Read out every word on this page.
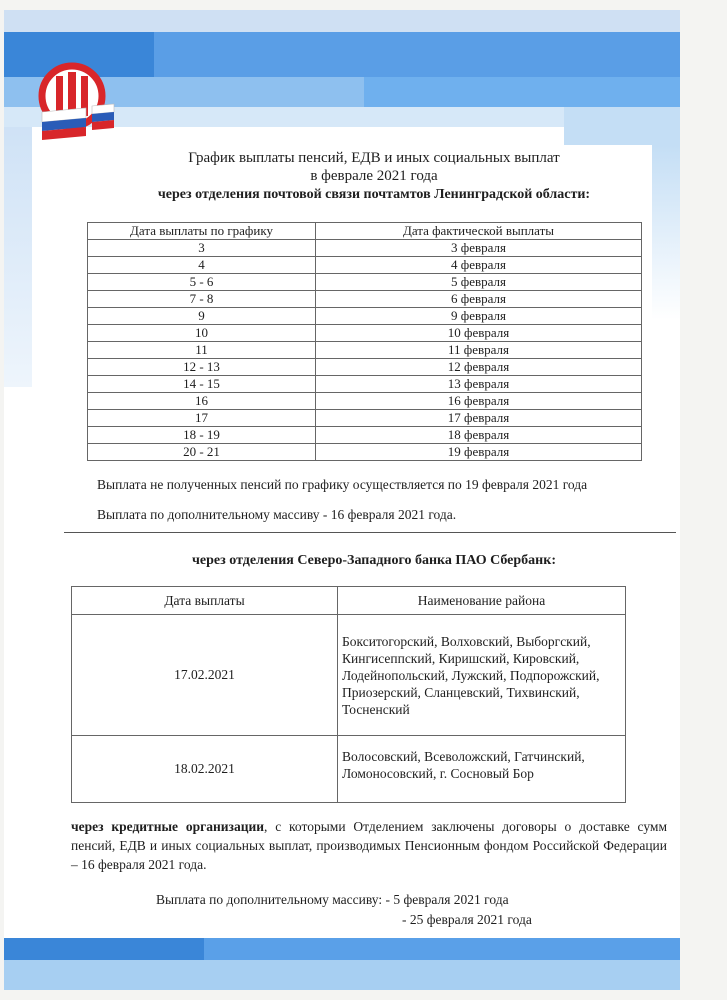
График выплаты пенсий, ЕДВ и иных социальных выплат
в феврале 2021 года
через отделения почтовой связи почтамтов Ленинградской области:
Дата выплаты по графику	Дата фактической выплаты
3	3 февраля
4	4 февраля
5 - 6	5 февраля
7 - 8	6 февраля
9	9 февраля
10	10 февраля
11	11 февраля
12 - 13	12 февраля
14 - 15	13 февраля
16	16 февраля
17	17 февраля
18 - 19	18 февраля
20 - 21	19 февраля
Выплата не полученных пенсий по графику осуществляется по 19 февраля 2021 года
Выплата по дополнительному массиву - 16 февраля 2021 года.
через отделения Северо-Западного банка ПАО Сбербанк:
Дата выплаты	Наименование района
17.02.2021	Бокситогорский, Волховский, Выборгский,
Кингисеппский, Киришский, Кировский,
Лодейнопольский, Лужский, Подпорожский,
Приозерский, Сланцевский, Тихвинский,
Тосненский

18.02.2021	Волосовский, Всеволожский, Гатчинский,
Ломоносовский, г. Сосновый Бор
через кредитные организации, с которыми Отделением заключены договоры о доставке сумм пенсий, ЕДВ и иных социальных выплат, производимых Пенсионным фондом Российской Федерации – 16 февраля 2021 года.
Выплата по дополнительному массиву: - 5 февраля 2021 года
- 25 февраля 2021 года
